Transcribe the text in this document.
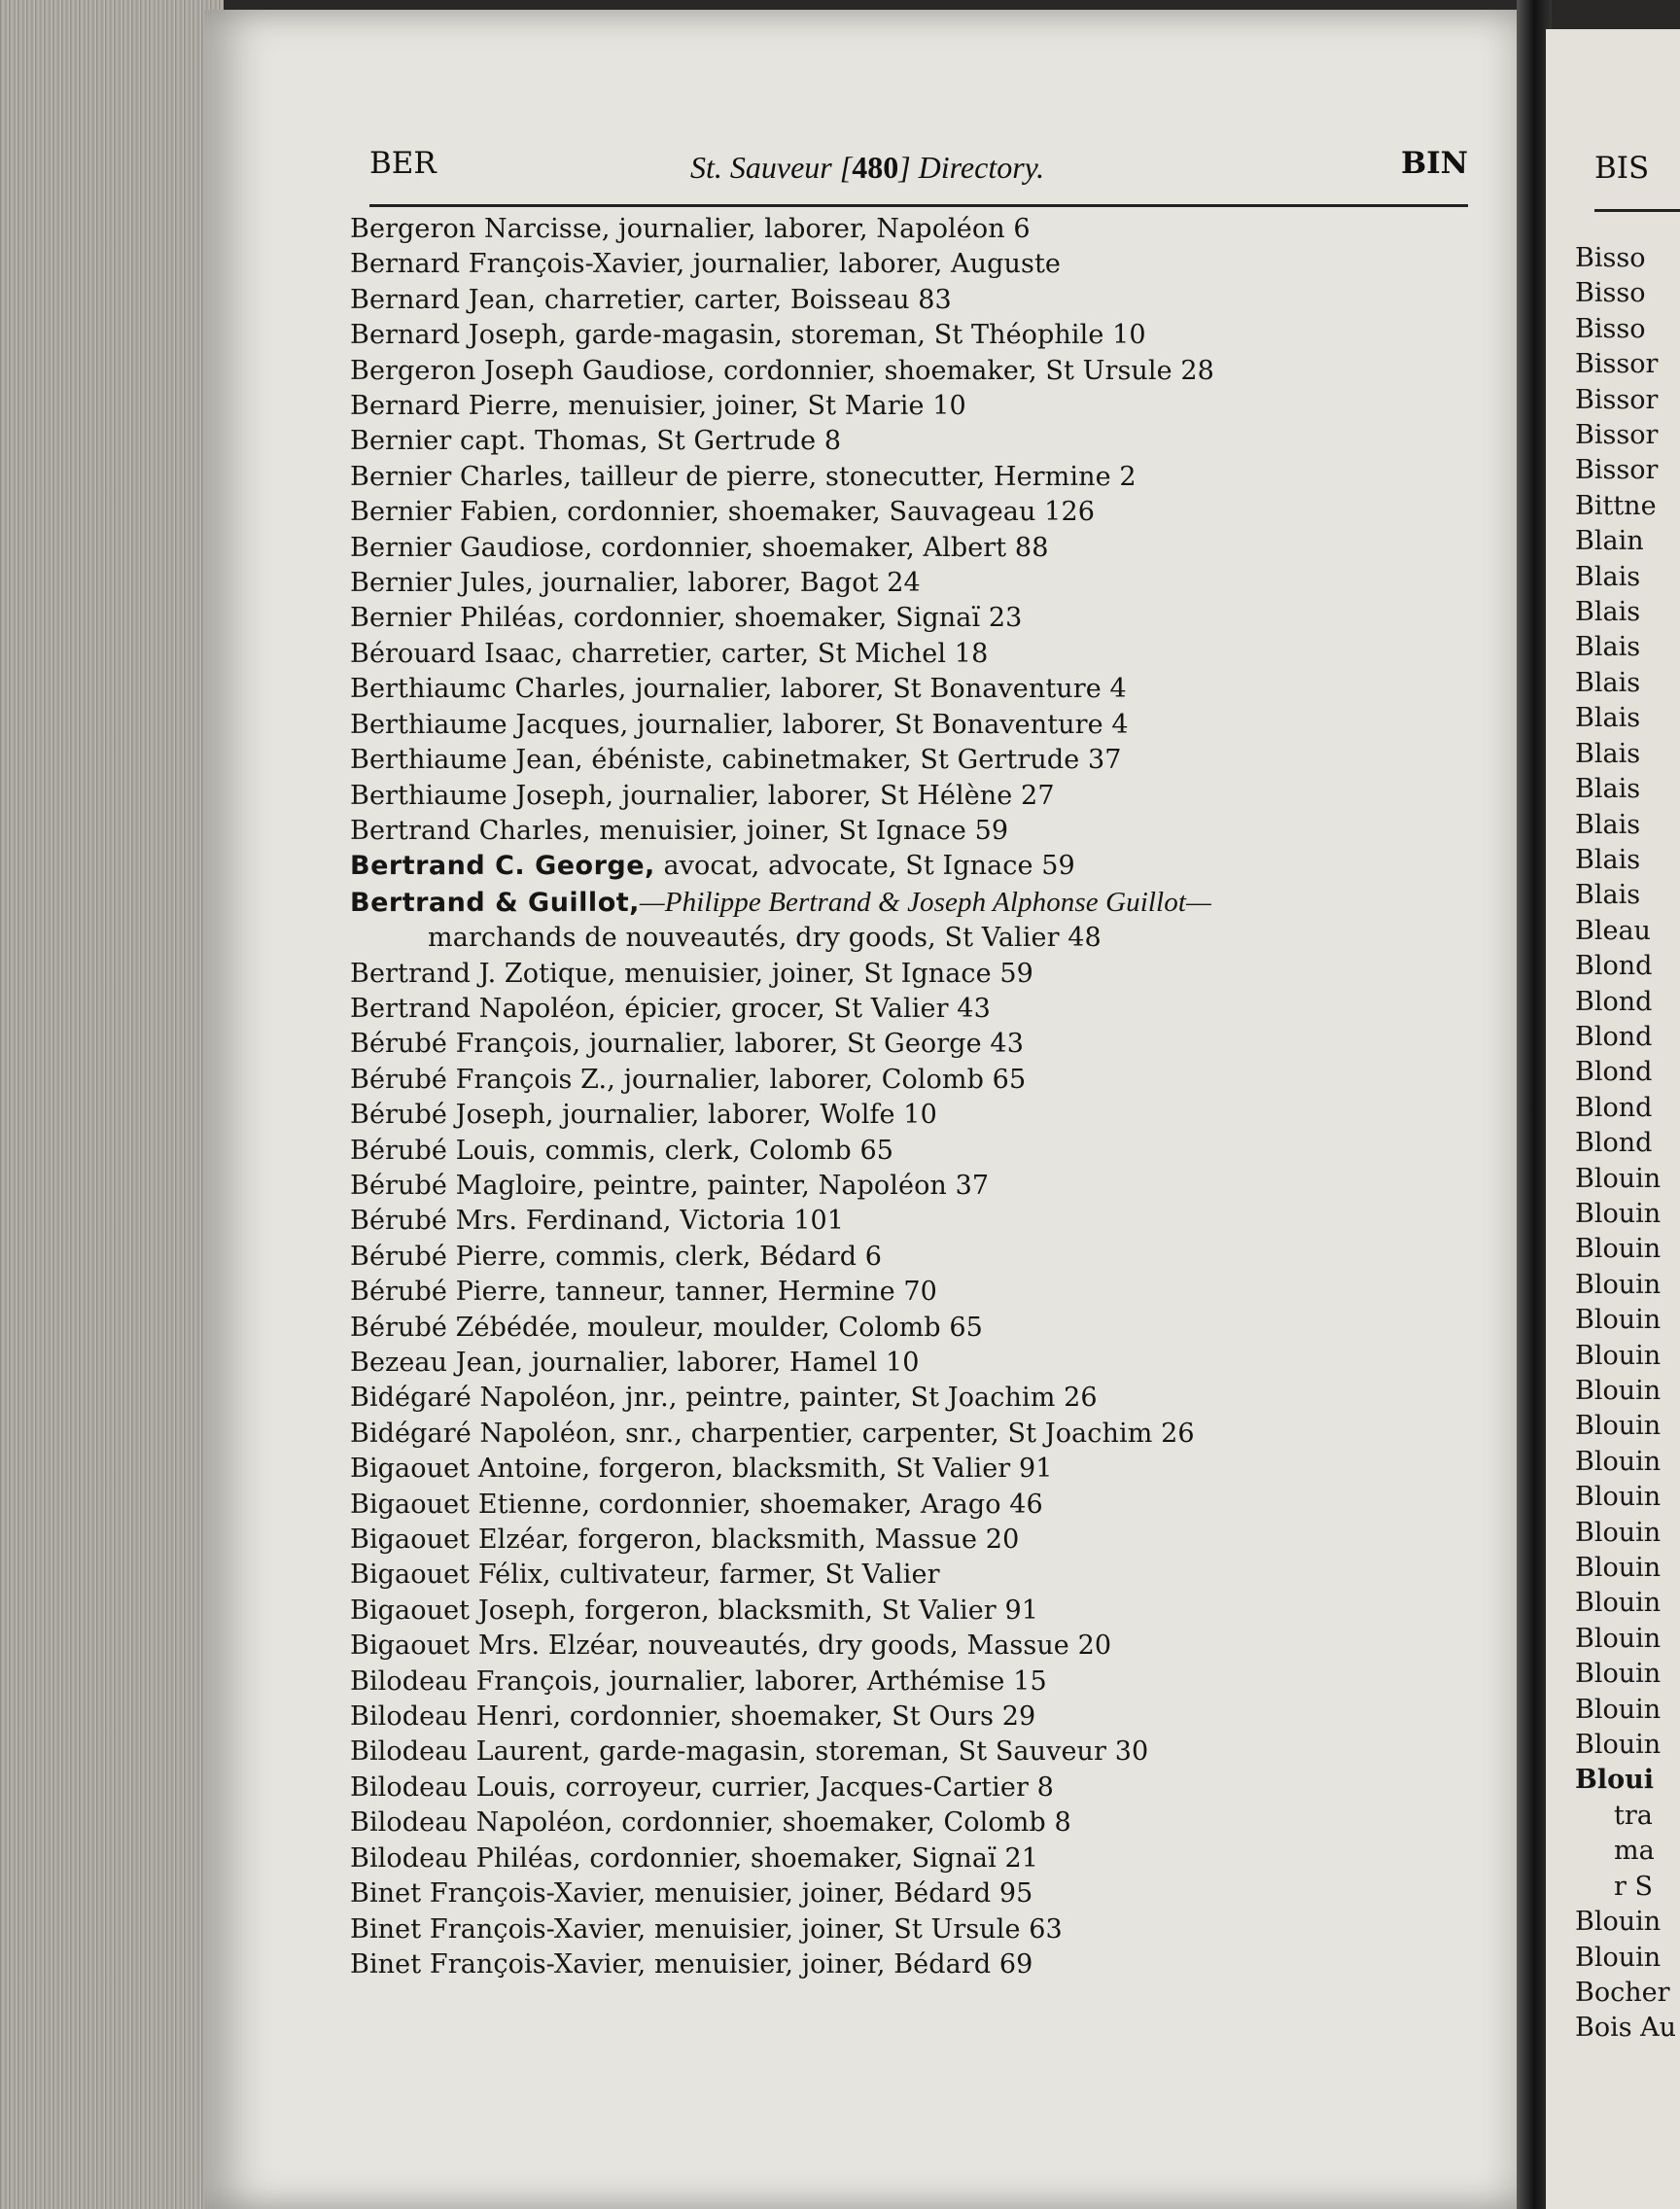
BIS
Bisso
Bisso
Bisso
Bissor
Bissor
Bissor
Bissor
Bittne
Blain
Blais
Blais
Blais
Blais
Blais
Blais
Blais
Blais
Blais
Blais
Bleau
Blond
Blond
Blond
Blond
Blond
Blond
Blouin
Blouin
Blouin
Blouin
Blouin
Blouin
Blouin
Blouin
Blouin
Blouin
Blouin
Blouin
Blouin
Blouin
Blouin
Blouin
Blouin
Bloui
tra
ma
r S
Blouin
Blouin
Bocher
Bois Au
BER	St. Sauveur [480] Directory.	BIN
Bergeron Narcisse, journalier, laborer, Napoléon 6
Bernard François-Xavier, journalier, laborer, Auguste
Bernard Jean, charretier, carter, Boisseau 83
Bernard Joseph, garde-magasin, storeman, St Théophile 10
Bergeron Joseph Gaudiose, cordonnier, shoemaker, St Ursule 28
Bernard Pierre, menuisier, joiner, St Marie 10
Bernier capt. Thomas, St Gertrude 8
Bernier Charles, tailleur de pierre, stonecutter, Hermine 2
Bernier Fabien, cordonnier, shoemaker, Sauvageau 126
Bernier Gaudiose, cordonnier, shoemaker, Albert 88
Bernier Jules, journalier, laborer, Bagot 24
Bernier Philéas, cordonnier, shoemaker, Signaï 23
Bérouard Isaac, charretier, carter, St Michel 18
Berthiaumc Charles, journalier, laborer, St Bonaventure 4
Berthiaume Jacques, journalier, laborer, St Bonaventure 4
Berthiaume Jean, ébéniste, cabinetmaker, St Gertrude 37
Berthiaume Joseph, journalier, laborer, St Hélène 27
Bertrand Charles, menuisier, joiner, St Ignace 59
Bertrand C. George, avocat, advocate, St Ignace 59
Bertrand & Guillot,—Philippe Bertrand & Joseph Alphonse Guillot—
marchands de nouveautés, dry goods, St Valier 48
Bertrand J. Zotique, menuisier, joiner, St Ignace 59
Bertrand Napoléon, épicier, grocer, St Valier 43
Bérubé François, journalier, laborer, St George 43
Bérubé François Z., journalier, laborer, Colomb 65
Bérubé Joseph, journalier, laborer, Wolfe 10
Bérubé Louis, commis, clerk, Colomb 65
Bérubé Magloire, peintre, painter, Napoléon 37
Bérubé Mrs. Ferdinand, Victoria 101
Bérubé Pierre, commis, clerk, Bédard 6
Bérubé Pierre, tanneur, tanner, Hermine 70
Bérubé Zébédée, mouleur, moulder, Colomb 65
Bezeau Jean, journalier, laborer, Hamel 10
Bidégaré Napoléon, jnr., peintre, painter, St Joachim 26
Bidégaré Napoléon, snr., charpentier, carpenter, St Joachim 26
Bigaouet Antoine, forgeron, blacksmith, St Valier 91
Bigaouet Etienne, cordonnier, shoemaker, Arago 46
Bigaouet Elzéar, forgeron, blacksmith, Massue 20
Bigaouet Félix, cultivateur, farmer, St Valier
Bigaouet Joseph, forgeron, blacksmith, St Valier 91
Bigaouet Mrs. Elzéar, nouveautés, dry goods, Massue 20
Bilodeau François, journalier, laborer, Arthémise 15
Bilodeau Henri, cordonnier, shoemaker, St Ours 29
Bilodeau Laurent, garde-magasin, storeman, St Sauveur 30
Bilodeau Louis, corroyeur, currier, Jacques-Cartier 8
Bilodeau Napoléon, cordonnier, shoemaker, Colomb 8
Bilodeau Philéas, cordonnier, shoemaker, Signaï 21
Binet François-Xavier, menuisier, joiner, Bédard 95
Binet François-Xavier, menuisier, joiner, St Ursule 63
Binet François-Xavier, menuisier, joiner, Bédard 69
